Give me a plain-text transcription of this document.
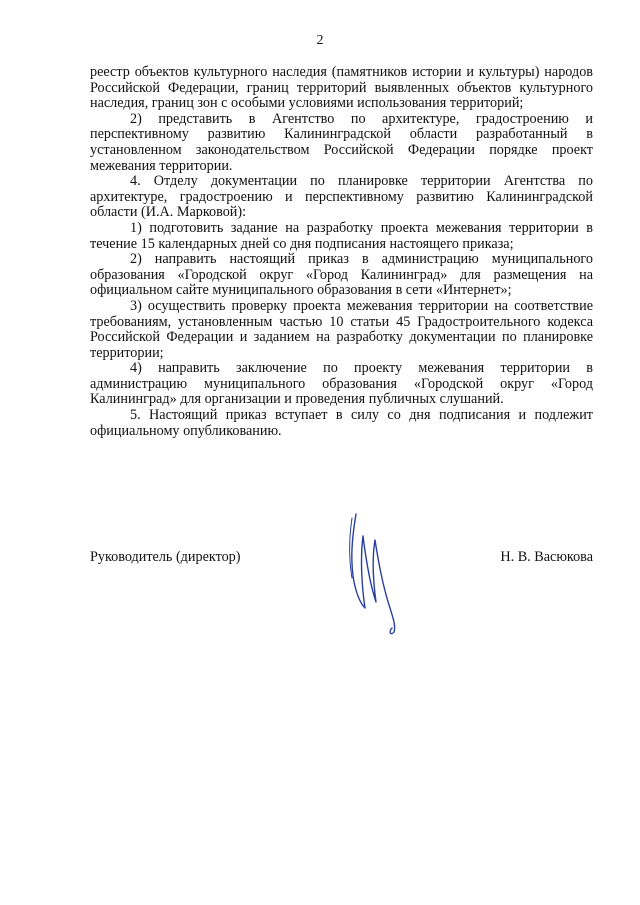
2

реестр объектов культурного наследия (памятников истории и культуры) народов Российской Федерации, границ территорий выявленных объектов культурного наследия, границ зон с особыми условиями использования территорий;

2) представить в Агентство по архитектуре, градостроению и перспективному развитию Калининградской области разработанный в установленном законодательством Российской Федерации порядке проект межевания территории.

4. Отделу документации по планировке территории Агентства по архитектуре, градостроению и перспективному развитию Калининградской области (И.А. Марковой):

1) подготовить задание на разработку проекта межевания территории в течение 15 календарных дней со дня подписания настоящего приказа;

2) направить настоящий приказ в администрацию муниципального образования «Городской округ «Город Калининград» для размещения на официальном сайте муниципального образования в сети «Интернет»;

3) осуществить проверку проекта межевания территории на соответствие требованиям, установленным частью 10 статьи 45 Градостроительного кодекса Российской Федерации и заданием на разработку документации по планировке территории;

4) направить заключение по проекту межевания территории в администрацию муниципального образования «Городской округ «Город Калининград» для организации и проведения публичных слушаний.

5. Настоящий приказ вступает в силу со дня подписания и подлежит официальному опубликованию.

Руководитель (директор)	Н. В. Васюкова
